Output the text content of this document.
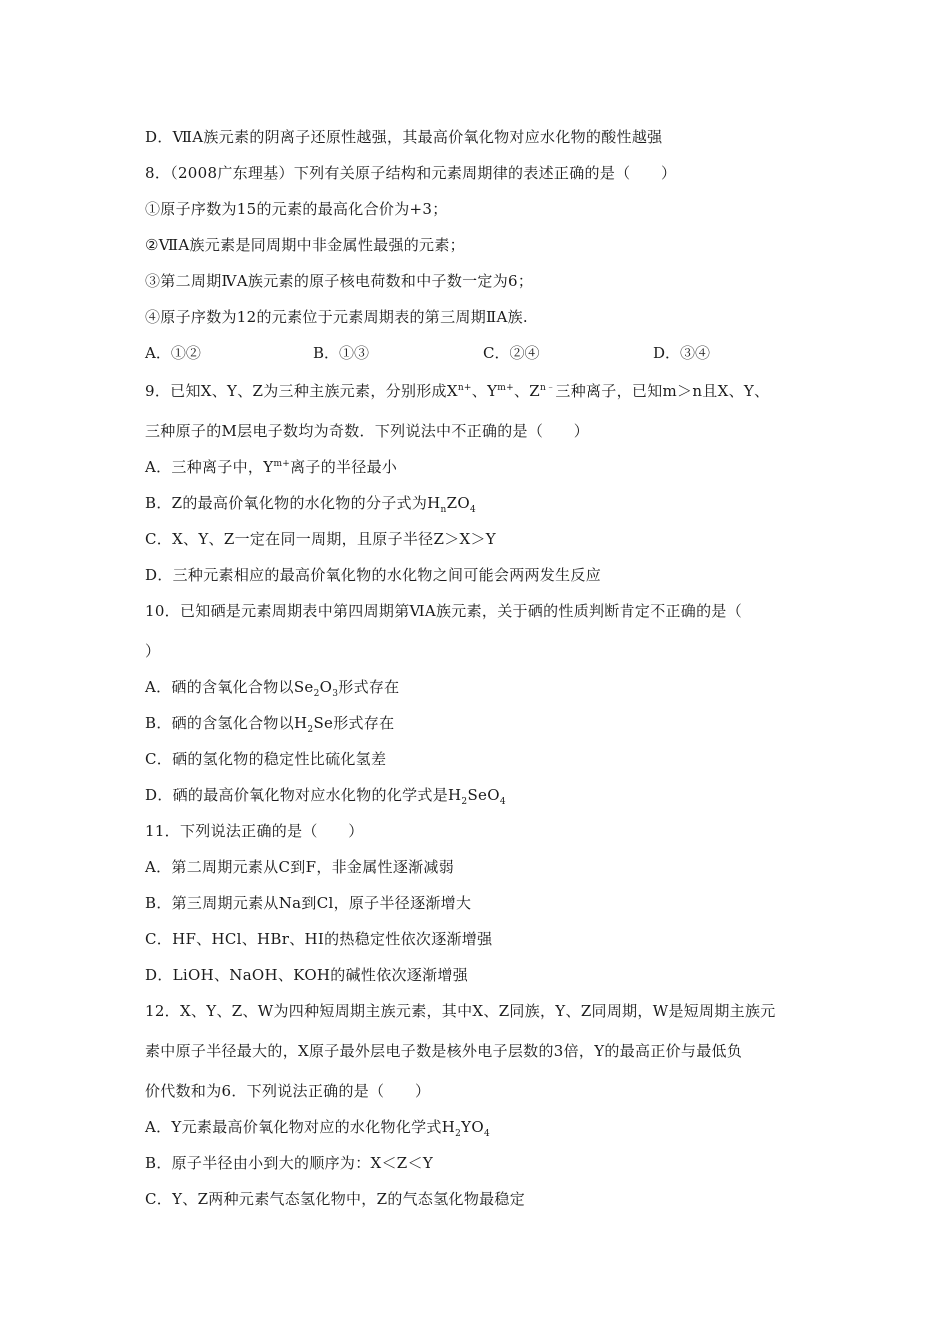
D．ⅦA族元素的阴离子还原性越强，其最高价氧化物对应水化物的酸性越强
8．（2008广东理基）下列有关原子结构和元素周期律的表述正确的是（　　）
①原子序数为15的元素的最高化合价为+3；
②ⅦA族元素是同周期中非金属性最强的元素；
③第二周期ⅣA族元素的原子核电荷数和中子数一定为6；
④原子序数为12的元素位于元素周期表的第三周期ⅡA族.
A．①②	B．①③	C．②④	D．③④
9．已知X、Y、Z为三种主族元素，分别形成$X^{n+}$、$Y^{m+}$、$Z^{n﹣}$三种离子，已知m＞n且X、Y、
三种原子的M层电子数均为奇数．下列说法中不正确的是（　　）
A．三种离子中，$Y^{m+}$离子的半径最小
B．Z的最高价氧化物的水化物的分子式为$H_nZO_4$
C．X、Y、Z一定在同一周期，且原子半径Z＞X＞Y
D．三种元素相应的最高价氧化物的水化物之间可能会两两发生反应
10．已知硒是元素周期表中第四周期第ⅥA族元素，关于硒的性质判断肯定不正确的是（
）
A．硒的含氧化合物以$Se_2O_3$形式存在
B．硒的含氢化合物以$H_2Se$形式存在
C．硒的氢化物的稳定性比硫化氢差
D．硒的最高价氧化物对应水化物的化学式是$H_2SeO_4$
11．下列说法正确的是（　　）
A．第二周期元素从C到F，非金属性逐渐减弱
B．第三周期元素从Na到Cl，原子半径逐渐增大
C．HF、HCl、HBr、HI的热稳定性依次逐渐增强
D．LiOH、NaOH、KOH的碱性依次逐渐增强
12．X、Y、Z、W为四种短周期主族元素，其中X、Z同族，Y、Z同周期，W是短周期主族元
素中原子半径最大的，X原子最外层电子数是核外电子层数的3倍，Y的最高正价与最低负
价代数和为6．下列说法正确的是（　　）
A．Y元素最高价氧化物对应的水化物化学式$H_2YO_4$
B．原子半径由小到大的顺序为：X＜Z＜Y
C．Y、Z两种元素气态氢化物中，Z的气态氢化物最稳定
